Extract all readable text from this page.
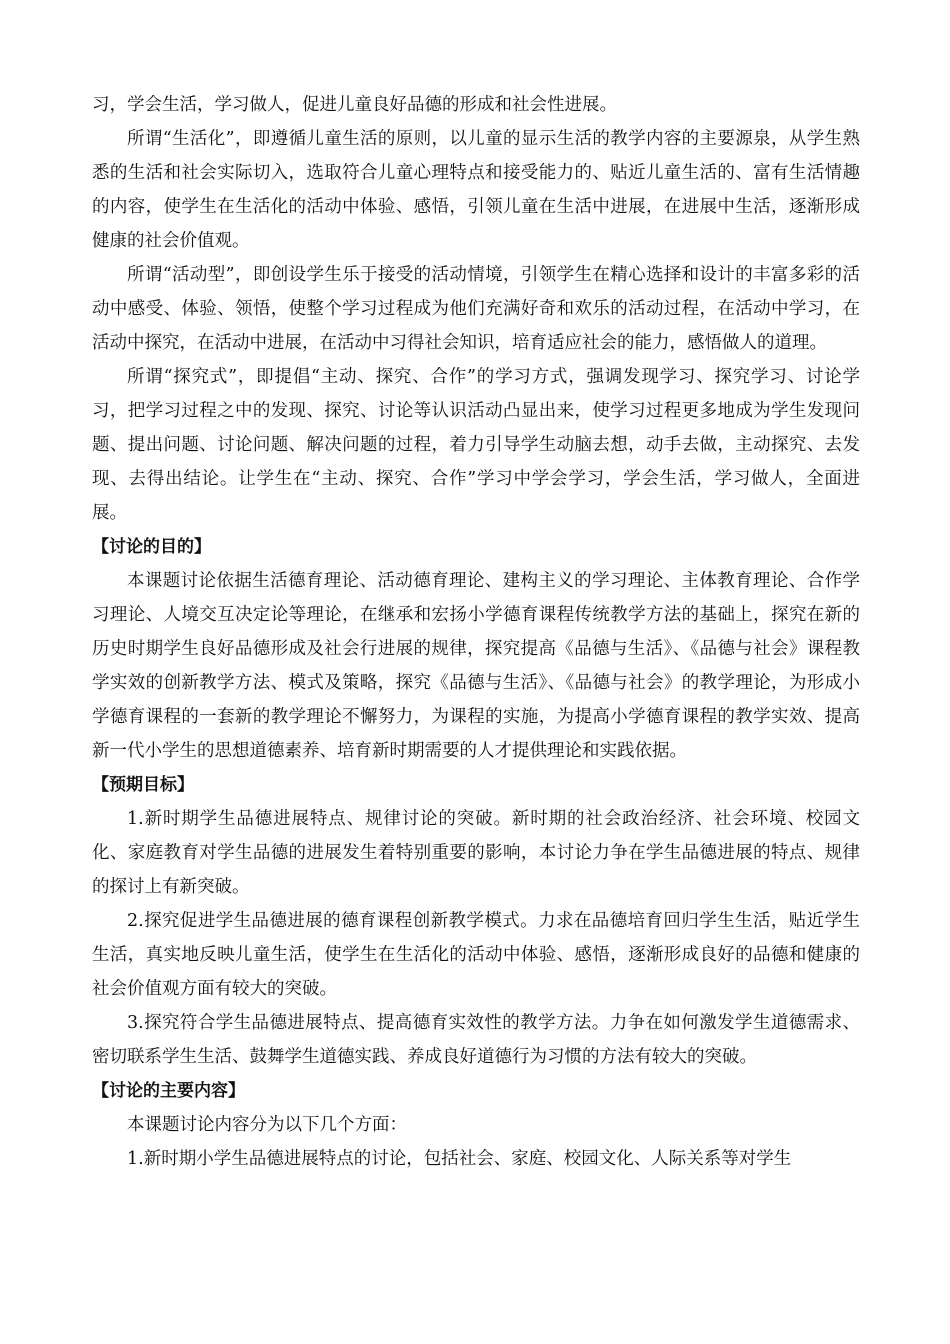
习，学会生活，学习做人，促进儿童良好品德的形成和社会性进展。

所谓“生活化”，即遵循儿童生活的原则，以儿童的显示生活的教学内容的主要源泉，从学生熟悉的生活和社会实际切入，选取符合儿童心理特点和接受能力的、贴近儿童生活的、富有生活情趣的内容，使学生在生活化的活动中体验、感悟，引领儿童在生活中进展，在进展中生活，逐渐形成健康的社会价值观。

所谓“活动型”，即创设学生乐于接受的活动情境，引领学生在精心选择和设计的丰富多彩的活动中感受、体验、领悟，使整个学习过程成为他们充满好奇和欢乐的活动过程，在活动中学习，在活动中探究，在活动中进展，在活动中习得社会知识，培育适应社会的能力，感悟做人的道理。

所谓“探究式”，即提倡“主动、探究、合作”的学习方式，强调发现学习、探究学习、讨论学习，把学习过程之中的发现、探究、讨论等认识活动凸显出来，使学习过程更多地成为学生发现问题、提出问题、讨论问题、解决问题的过程，着力引导学生动脑去想，动手去做，主动探究、去发现、去得出结论。让学生在“主动、探究、合作”学习中学会学习，学会生活，学习做人，全面进展。

【讨论的目的】

本课题讨论依据生活德育理论、活动德育理论、建构主义的学习理论、主体教育理论、合作学习理论、人境交互决定论等理论，在继承和宏扬小学德育课程传统教学方法的基础上，探究在新的历史时期学生良好品德形成及社会行进展的规律，探究提高《品德与生活》、《品德与社会》课程教学实效的创新教学方法、模式及策略，探究《品德与生活》、《品德与社会》的教学理论，为形成小学德育课程的一套新的教学理论不懈努力，为课程的实施，为提高小学德育课程的教学实效、提高新一代小学生的思想道德素养、培育新时期需要的人才提供理论和实践依据。

【预期目标】

1.新时期学生品德进展特点、规律讨论的突破。新时期的社会政治经济、社会环境、校园文化、家庭教育对学生品德的进展发生着特别重要的影响，本讨论力争在学生品德进展的特点、规律的探讨上有新突破。

2.探究促进学生品德进展的德育课程创新教学模式。力求在品德培育回归学生生活，贴近学生生活，真实地反映儿童生活，使学生在生活化的活动中体验、感悟，逐渐形成良好的品德和健康的社会价值观方面有较大的突破。

3.探究符合学生品德进展特点、提高德育实效性的教学方法。力争在如何激发学生道德需求、密切联系学生生活、鼓舞学生道德实践、养成良好道德行为习惯的方法有较大的突破。

【讨论的主要内容】

本课题讨论内容分为以下几个方面：

1.新时期小学生品德进展特点的讨论，包括社会、家庭、校园文化、人际关系等对学生
